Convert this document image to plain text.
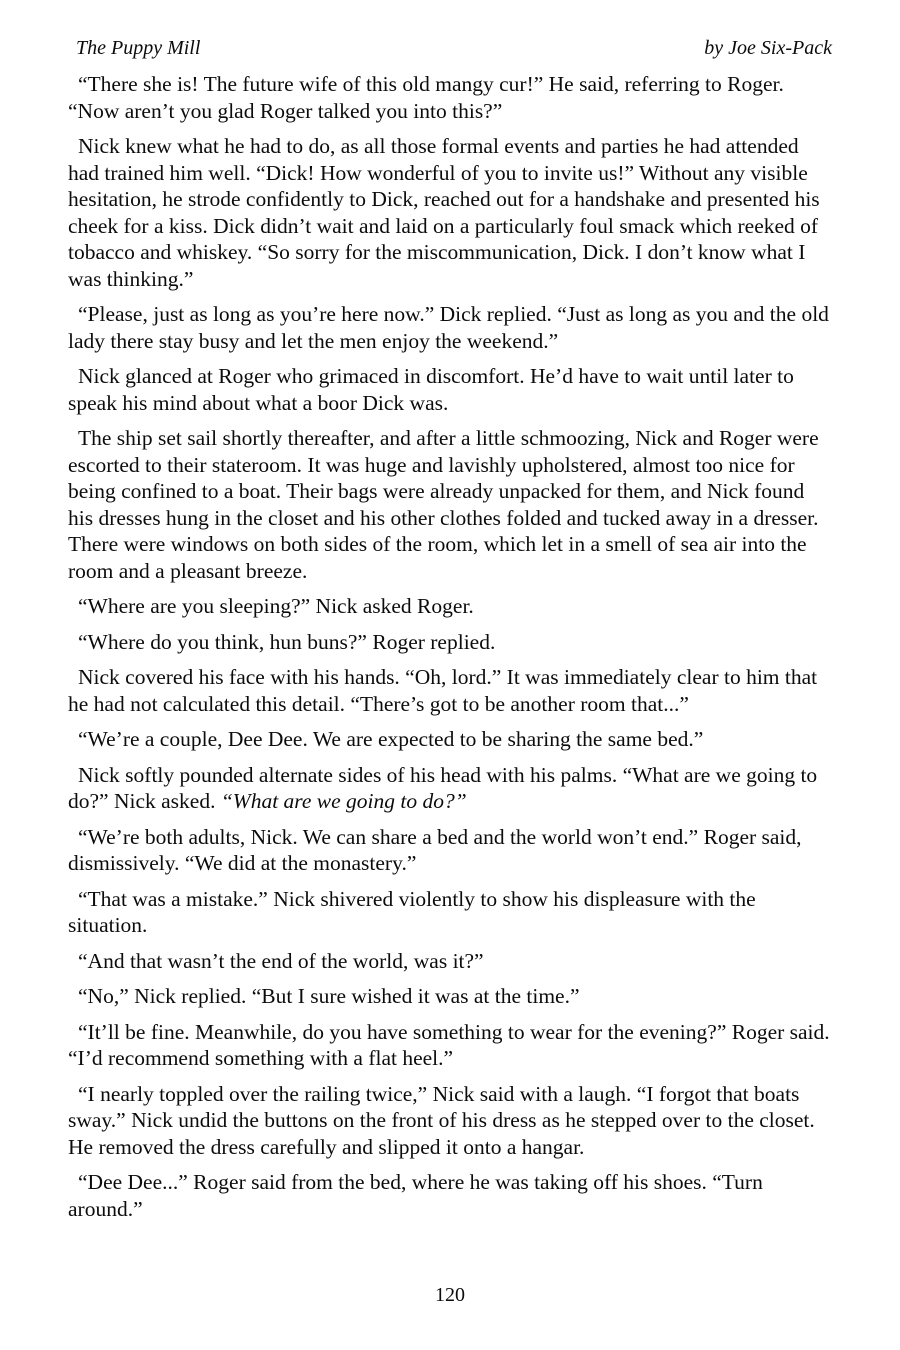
The Puppy Mill	by Joe Six-Pack

“There she is! The future wife of this old mangy cur!” He said, referring to Roger. “Now aren’t you glad Roger talked you into this?”

Nick knew what he had to do, as all those formal events and parties he had attended had trained him well. “Dick! How wonderful of you to invite us!” Without any visible hesitation, he strode confidently to Dick, reached out for a handshake and presented his cheek for a kiss. Dick didn’t wait and laid on a particularly foul smack which reeked of tobacco and whiskey. “So sorry for the miscommunication, Dick. I don’t know what I was thinking.”

“Please, just as long as you’re here now.” Dick replied. “Just as long as you and the old lady there stay busy and let the men enjoy the weekend.”

Nick glanced at Roger who grimaced in discomfort. He’d have to wait until later to speak his mind about what a boor Dick was.

The ship set sail shortly thereafter, and after a little schmoozing, Nick and Roger were escorted to their stateroom. It was huge and lavishly upholstered, almost too nice for being confined to a boat. Their bags were already unpacked for them, and Nick found his dresses hung in the closet and his other clothes folded and tucked away in a dresser. There were windows on both sides of the room, which let in a smell of sea air into the room and a pleasant breeze.

“Where are you sleeping?” Nick asked Roger.

“Where do you think, hun buns?” Roger replied.

Nick covered his face with his hands. “Oh, lord.” It was immediately clear to him that he had not calculated this detail. “There’s got to be another room that...”

“We’re a couple, Dee Dee. We are expected to be sharing the same bed.”

Nick softly pounded alternate sides of his head with his palms. “What are we going to do?” Nick asked. “What are we going to do?”

“We’re both adults, Nick. We can share a bed and the world won’t end.” Roger said, dismissively. “We did at the monastery.”

“That was a mistake.” Nick shivered violently to show his displeasure with the situation.

“And that wasn’t the end of the world, was it?”

“No,” Nick replied. “But I sure wished it was at the time.”

“It’ll be fine. Meanwhile, do you have something to wear for the evening?” Roger said. “I’d recommend something with a flat heel.”

“I nearly toppled over the railing twice,” Nick said with a laugh. “I forgot that boats sway.” Nick undid the buttons on the front of his dress as he stepped over to the closet. He removed the dress carefully and slipped it onto a hangar.

“Dee Dee...” Roger said from the bed, where he was taking off his shoes. “Turn around.”

120
